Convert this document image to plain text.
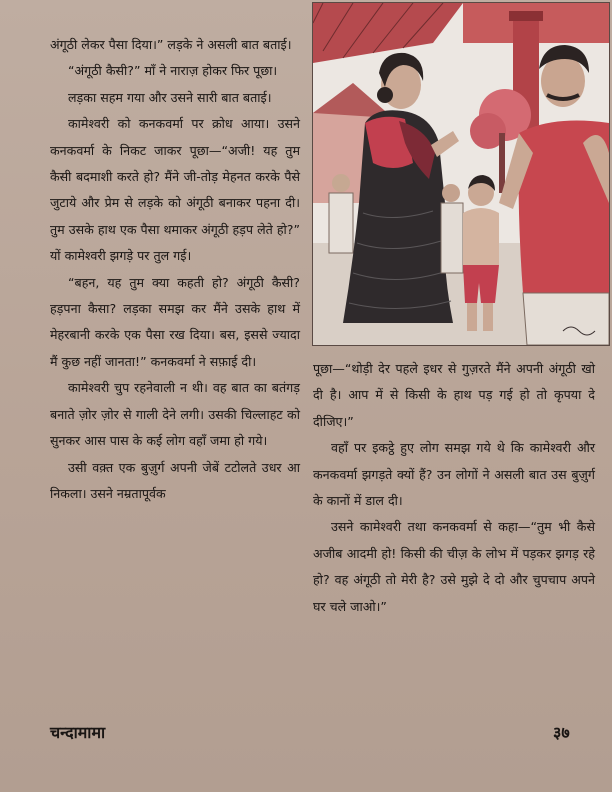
अंगूठी लेकर पैसा दिया।” लड़के ने असली बात बताई।

“अंगूठी कैसी?” माँ ने नाराज़ होकर फिर पूछा।

लड़का सहम गया और उसने सारी बात बताई।

कामेश्वरी को कनकवर्मा पर क्रोध आया। उसने कनकवर्मा के निकट जाकर पूछा—“अजी! यह तुम कैसी बदमाशी करते हो? मैंने जी-तोड़ मेहनत करके पैसे जुटाये और प्रेम से लड़के को अंगूठी बनाकर पहना दी। तुम उसके हाथ एक पैसा थमाकर अंगूठी हड़प लेते हो?” यों कामेश्वरी झगड़े पर तुल गई।

“बहन, यह तुम क्या कहती हो? अंगूठी कैसी? हड़पना कैसा? लड़का समझ कर मैंने उसके हाथ में मेहरबानी करके एक पैसा रख दिया। बस, इससे ज्यादा मैं कुछ नहीं जानता!” कनकवर्मा ने सफ़ाई दी।

कामेश्वरी चुप रहनेवाली न थी। वह बात का बतंगड़ बनाते ज़ोर ज़ोर से गाली देने लगी। उसकी चिल्लाहट को सुनकर आस पास के कई लोग वहाँ जमा हो गये।

उसी वक़्त एक बुज़ुर्ग अपनी जेबें टटोलते उधर आ निकला। उसने नम्रतापूर्वक

पूछा—“थोड़ी देर पहले इधर से गुज़रते मैंने अपनी अंगूठी खो दी है। आप में से किसी के हाथ पड़ गई हो तो कृपया दे दीजिए।”

वहाँ पर इकट्ठे हुए लोग समझ गये थे कि कामेश्वरी और कनकवर्मा झगड़ते क्यों हैं? उन लोगों ने असली बात उस बुज़ुर्ग के कानों में डाल दी।

उसने कामेश्वरी तथा कनकवर्मा से कहा—“तुम भी कैसे अजीब आदमी हो! किसी की चीज़ के लोभ में पड़कर झगड़ रहे हो? वह अंगूठी तो मेरी है? उसे मुझे दे दो और चुपचाप अपने घर चले जाओ।”

चन्दामामा	३७
